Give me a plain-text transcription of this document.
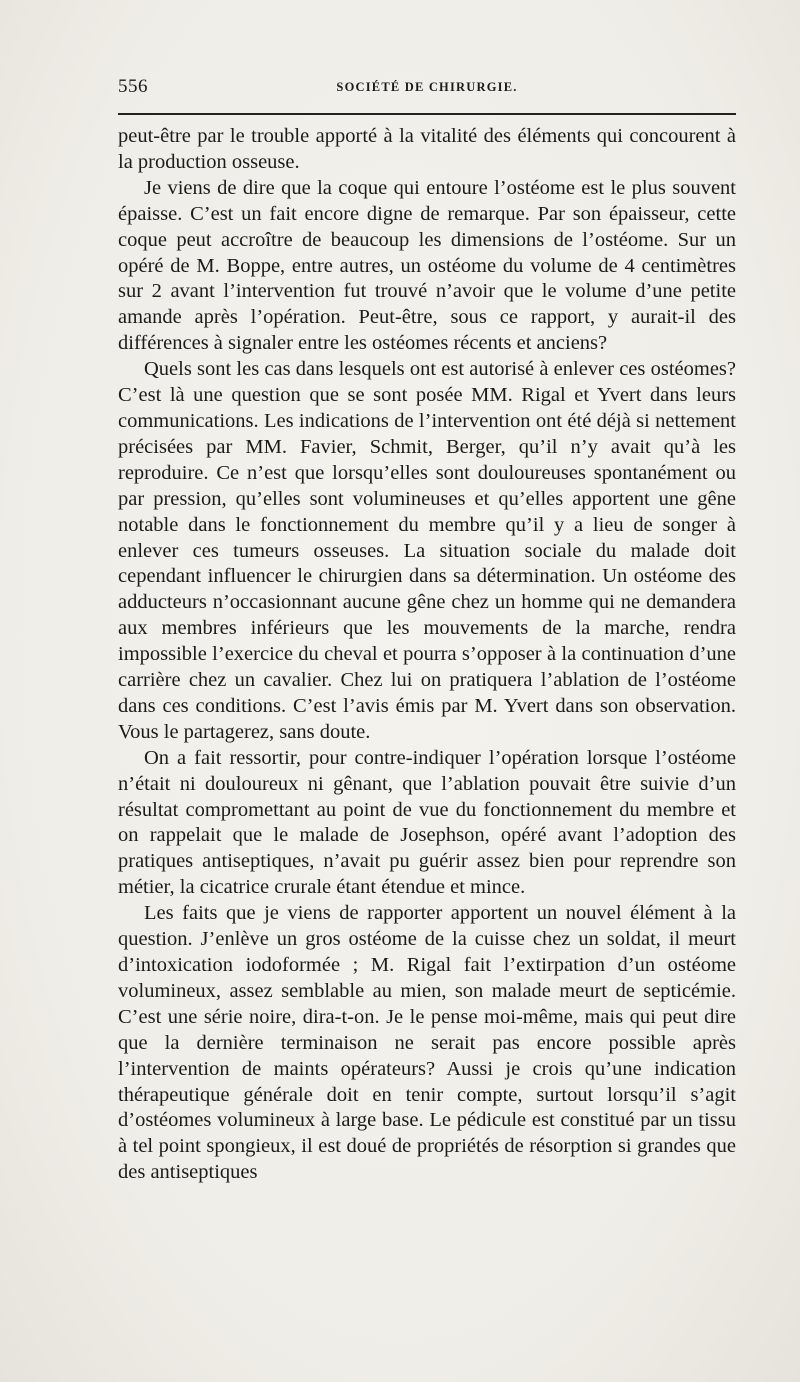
556	SOCIÉTÉ DE CHIRURGIE.

peut-être par le trouble apporté à la vitalité des éléments qui concourent à la production osseuse.

Je viens de dire que la coque qui entoure l’ostéome est le plus souvent épaisse. C’est un fait encore digne de remarque. Par son épaisseur, cette coque peut accroître de beaucoup les dimensions de l’ostéome. Sur un opéré de M. Boppe, entre autres, un ostéome du volume de 4 centimètres sur 2 avant l’intervention fut trouvé n’avoir que le volume d’une petite amande après l’opération. Peut-être, sous ce rapport, y aurait-il des différences à signaler entre les ostéomes récents et anciens?

Quels sont les cas dans lesquels ont est autorisé à enlever ces ostéomes? C’est là une question que se sont posée MM. Rigal et Yvert dans leurs communications. Les indications de l’intervention ont été déjà si nettement précisées par MM. Favier, Schmit, Berger, qu’il n’y avait qu’à les reproduire. Ce n’est que lorsqu’elles sont douloureuses spontanément ou par pression, qu’elles sont volumineuses et qu’elles apportent une gêne notable dans le fonctionnement du membre qu’il y a lieu de songer à enlever ces tumeurs osseuses. La situation sociale du malade doit cependant influencer le chirurgien dans sa détermination. Un ostéome des adducteurs n’occasionnant aucune gêne chez un homme qui ne demandera aux membres inférieurs que les mouvements de la marche, rendra impossible l’exercice du cheval et pourra s’opposer à la continuation d’une carrière chez un cavalier. Chez lui on pratiquera l’ablation de l’ostéome dans ces conditions. C’est l’avis émis par M. Yvert dans son observation. Vous le partagerez, sans doute.

On a fait ressortir, pour contre-indiquer l’opération lorsque l’ostéome n’était ni douloureux ni gênant, que l’ablation pouvait être suivie d’un résultat compromettant au point de vue du fonctionnement du membre et on rappelait que le malade de Josephson, opéré avant l’adoption des pratiques antiseptiques, n’avait pu guérir assez bien pour reprendre son métier, la cicatrice crurale étant étendue et mince.

Les faits que je viens de rapporter apportent un nouvel élément à la question. J’enlève un gros ostéome de la cuisse chez un soldat, il meurt d’intoxication iodoformée ; M. Rigal fait l’extirpation d’un ostéome volumineux, assez semblable au mien, son malade meurt de septicémie. C’est une série noire, dira-t-on. Je le pense moi-même, mais qui peut dire que la dernière terminaison ne serait pas encore possible après l’intervention de maints opérateurs? Aussi je crois qu’une indication thérapeutique générale doit en tenir compte, surtout lorsqu’il s’agit d’ostéomes volumineux à large base. Le pédicule est constitué par un tissu à tel point spongieux, il est doué de propriétés de résorption si grandes que des antiseptiques
